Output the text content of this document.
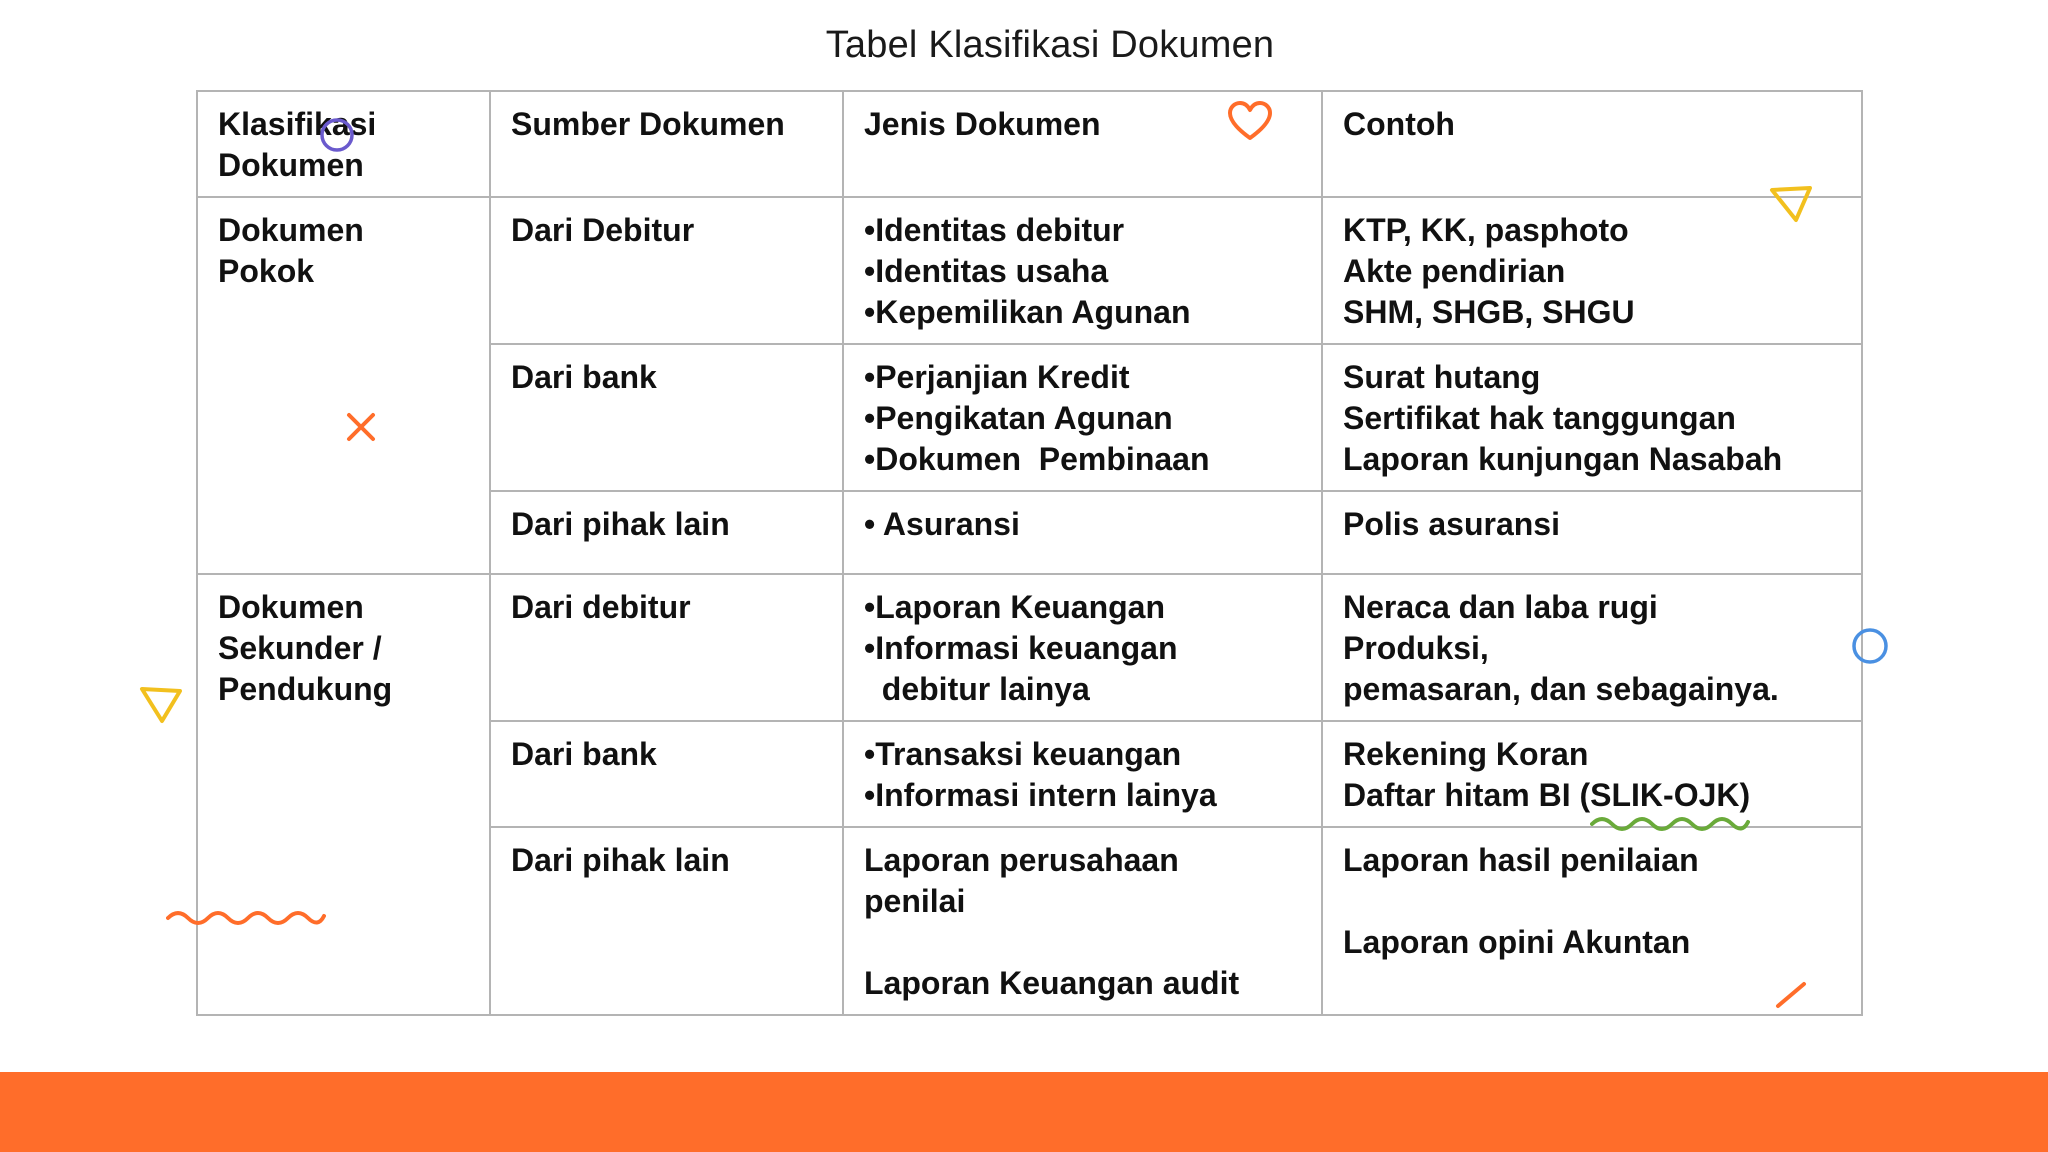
Tabel Klasifikasi Dokumen
Klasifikasi Dokumen	Sumber Dokumen	Jenis Dokumen	Contoh
Dokumen Pokok	Dari Debitur	•Identitas debitur
•Identitas usaha
•Kepemilikan Agunan	KTP, KK, pasphoto
Akte pendirian
SHM, SHGB, SHGU

	Dari bank	•Perjanjian Kredit
•Pengikatan Agunan
•Dokumen  Pembinaan	Surat hutang
Sertifikat hak tanggungan
Laporan kunjungan Nasabah

	Dari pihak lain	• Asuransi	Polis asuransi

Dokumen Sekunder / Pendukung	Dari debitur	•Laporan Keuangan
•Informasi keuangan
debitur lainya	Neraca dan laba rugi
Produksi,
pemasaran, dan sebagainya.

	Dari bank	•Transaksi keuangan
•Informasi intern lainya	Rekening Koran
Daftar hitam BI (SLIK-OJK)

	Dari pihak lain	Laporan perusahaan
penilai
Laporan Keuangan audit	Laporan hasil penilaian
Laporan opini Akuntan
